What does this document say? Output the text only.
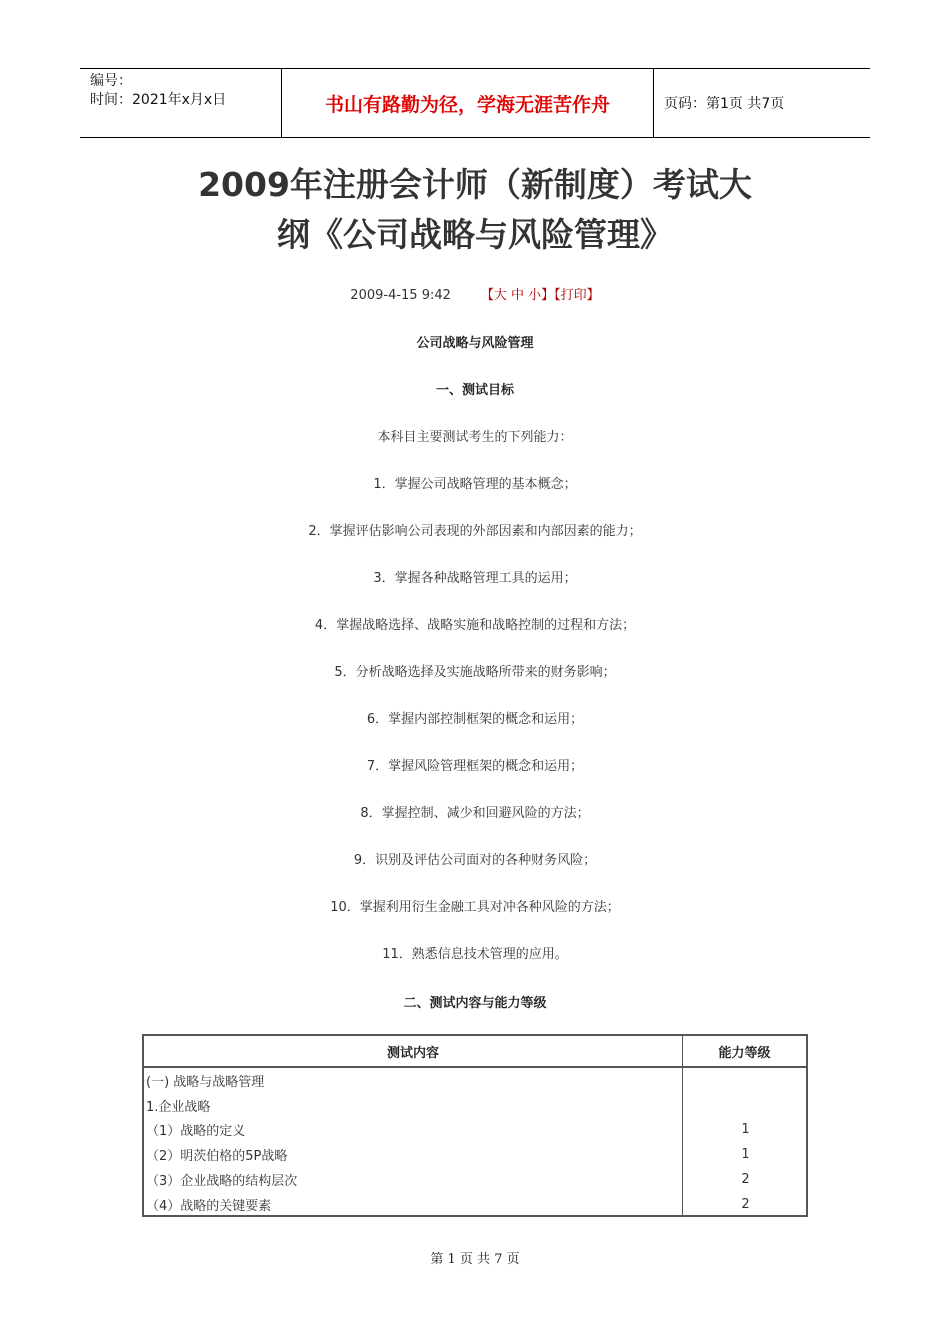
编号：
时间：2021年x月x日	书山有路勤为径，学海无涯苦作舟	页码：第1页 共7页
2009年注册会计师（新制度）考试大
纲《公司战略与风险管理》
2009-4-15 9:42 【大 中 小】【打印】
公司战略与风险管理
一、测试目标
本科目主要测试考生的下列能力：
1．掌握公司战略管理的基本概念；
2．掌握评估影响公司表现的外部因素和内部因素的能力；
3．掌握各种战略管理工具的运用；
4．掌握战略选择、战略实施和战略控制的过程和方法；
5．分析战略选择及实施战略所带来的财务影响；
6．掌握内部控制框架的概念和运用；
7．掌握风险管理框架的概念和运用；
8．掌握控制、减少和回避风险的方法；
9．识别及评估公司面对的各种财务风险；
10．掌握利用衍生金融工具对冲各种风险的方法；
11．熟悉信息技术管理的应用。
二、测试内容与能力等级
测试内容	能力等级
(一) 战略与战略管理	
1.企业战略	
（1）战略的定义	1
（2）明茨伯格的5P战略	1
（3）企业战略的结构层次	2
（4）战略的关键要素	2
第 1 页 共 7 页
